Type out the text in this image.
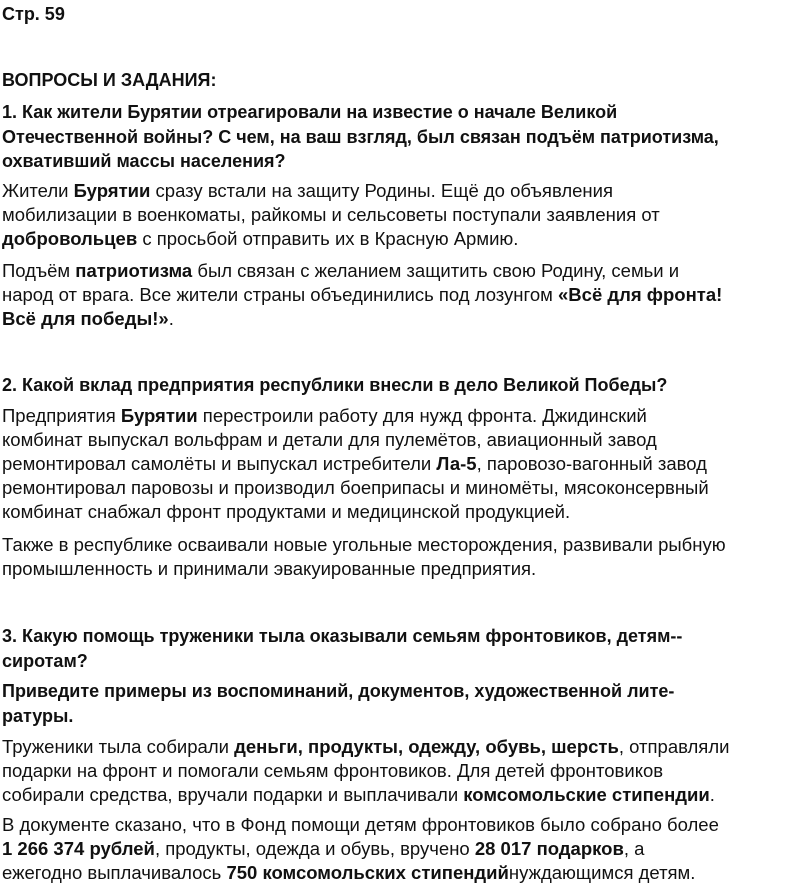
Стр. 59

ВОПРОСЫ И ЗАДАНИЯ:

1. Как жители Бурятии отреагировали на известие о начале Великой
Отечественной войны? С чем, на ваш взгляд, был связан подъём патриотизма,
охвативший массы населения?
Жители Бурятии сразу встали на защиту Родины. Ещё до объявления
мобилизации в военкоматы, райкомы и сельсоветы поступали заявления от
добровольцев с просьбой отправить их в Красную Армию.
Подъём патриотизма был связан с желанием защитить свою Родину, семьи и
народ от врага. Все жители страны объединились под лозунгом «Всё для фронта!
Всё для победы!».

2. Какой вклад предприятия республики внесли в дело Великой Победы?

Предприятия Бурятии перестроили работу для нужд фронта. Джидинский
комбинат выпускал вольфрам и детали для пулемётов, авиационный завод
ремонтировал самолёты и выпускал истребители Ла-5, паровозо-вагонный завод
ремонтировал паровозы и производил боеприпасы и миномёты, мясоконсервный
комбинат снабжал фронт продуктами и медицинской продукцией.
Также в республике осваивали новые угольные месторождения, развивали рыбную
промышленность и принимали эвакуированные предприятия.
3. Какую помощь труженики тыла оказывали семьям фронтовиков, детям--
сиротам?
Приведите примеры из воспоминаний, документов, художественной лите-
ратуры.
Труженики тыла собирали деньги, продукты, одежду, обувь, шерсть, отправляли
подарки на фронт и помогали семьям фронтовиков. Для детей фронтовиков
собирали средства, вручали подарки и выплачивали комсомольские стипендии.
В документе сказано, что в Фонд помощи детям фронтовиков было собрано более
1 266 374 рублей, продукты, одежда и обувь, вручено 28 017 подарков, а
ежегодно выплачивалось 750 комсомольских стипендийнуждающимся детям.
